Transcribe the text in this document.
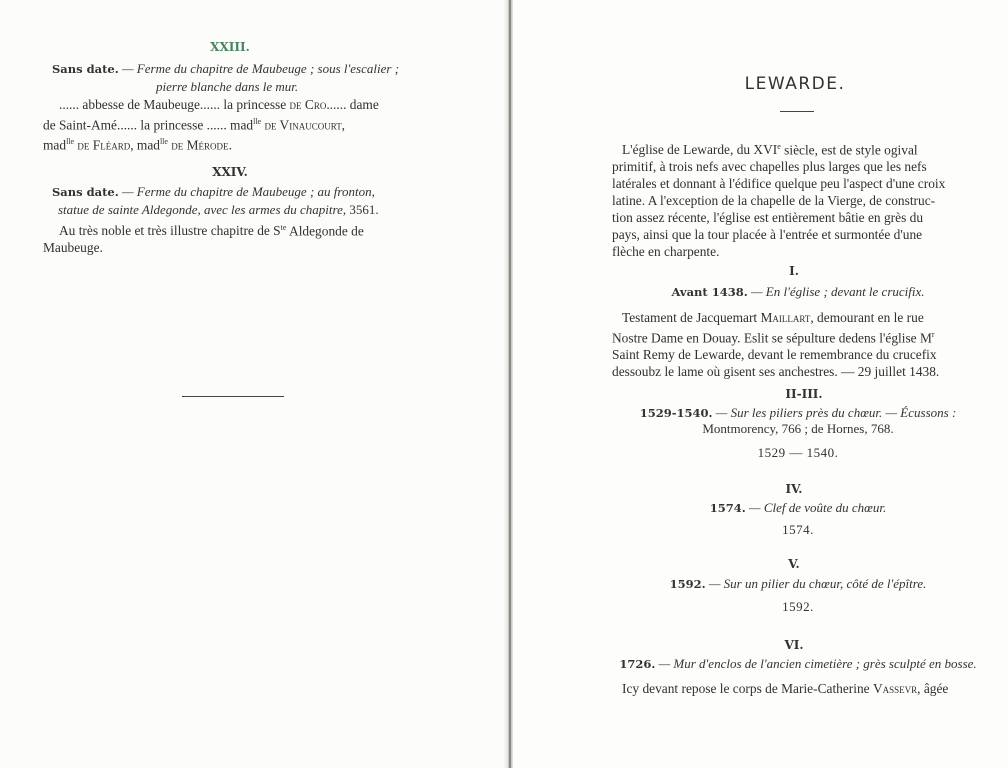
XXIII.
Sans date. — Ferme du chapitre de Maubeuge ; sous l'escalier ;
pierre blanche dans le mur.
...... abbesse de Maubeuge...... la princesse de Cro...... dame
de Saint-Amé...... la princesse ...... mad$^{lle}$ de Vinaucourt,
mad$^{lle}$ de Fléard, mad$^{lle}$ de Mérode.
XXIV.
Sans date. — Ferme du chapitre de Maubeuge ; au fronton,
statue de sainte Aldegonde, avec les armes du chapitre, 3561.
Au très noble et très illustre chapitre de $S^{te}$ Aldegonde de
Maubeuge.
LEWARDE.
L'église de Lewarde, du XVIe siècle, est de style ogival
primitif, à trois nefs avec chapelles plus larges que les nefs
latérales et donnant à l'édifice quelque peu l'aspect d'une croix
latine. A l'exception de la chapelle de la Vierge, de construc-
tion assez récente, l'église est entièrement bâtie en grès du
pays, ainsi que la tour placée à l'entrée et surmontée d'une
flèche en charpente.
I.
Avant 1438. — En l'église ; devant le crucifix.
Testament de Jacquemart Maillart, demourant en le rue
Nostre Dame en Douay. Eslit se sépulture dedens l'église $M^r$
Saint Remy de Lewarde, devant le remembrance du crucefix
dessoubz le lame où gisent ses anchestres. — 29 juillet 1438.
II-III.
1529-1540. — Sur les piliers près du chœur. — Écussons :
Montmorency, 766 ; de Hornes, 768.
1529 — 1540.
IV.
1574. — Clef de voûte du chœur.
1574.
V.
1592. — Sur un pilier du chœur, côté de l'épître.
1592.
VI.
1726. — Mur d'enclos de l'ancien cimetière ; grès sculpté en bosse.
Icy devant repose le corps de Marie-Catherine Vassevr, âgée
